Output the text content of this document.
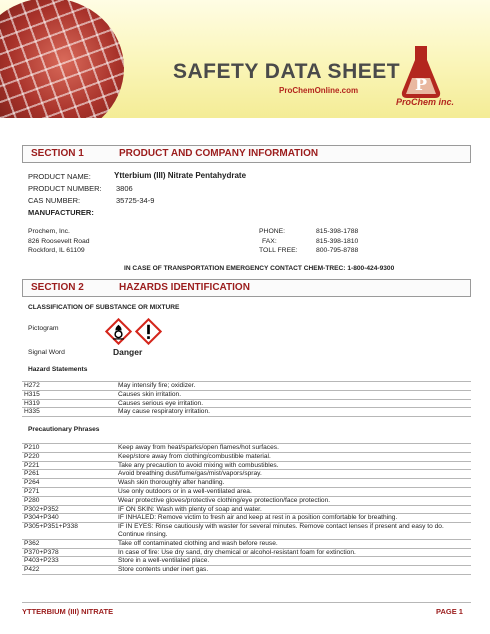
SAFETY DATA SHEET
ProChemOnline.com	P
ProChem inc.
SECTION 1	PRODUCT AND COMPANY INFORMATION
PRODUCT NAME:	Ytterbium (III) Nitrate Pentahydrate
PRODUCT NUMBER: 3806
CAS NUMBER:	35725-34-9
MANUFACTURER:
Prochem, Inc.
826 Roosevelt Road
Rockford, IL 61109
PHONE:	815-398-1788
FAX:	815-398-1810
TOLL FREE:	800-795-8788
IN CASE OF TRANSPORTATION EMERGENCY CONTACT CHEM-TREC: 1-800-424-9300
SECTION 2	HAZARDS IDENTIFICATION
CLASSIFICATION OF SUBSTANCE OR MIXTURE
Pictogram
Signal Word	Danger
Hazard Statements
H272	May intensify fire; oxidizer.
H315	Causes skin irritation.
H319	Causes serious eye irritation.
H335	May cause respiratory irritation.
Precautionary Phrases
P210	Keep away from heat/sparks/open flames/hot surfaces.
P220	Keep/store away from clothing/combustible material.
P221	Take any precaution to avoid mixing with combustibles.
P261	Avoid breathing dust/fume/gas/mist/vapors/spray.
P264	Wash skin thoroughly after handling.
P271	Use only outdoors or in a well-ventilated area.
P280	Wear protective gloves/protective clothing/eye protection/face protection.
P302+P352	IF ON SKIN: Wash with plenty of soap and water.
P304+P340	IF INHALED: Remove victim to fresh air and keep at rest in a position comfortable for breathing.
P305+P351+P338	IF IN EYES: Rinse cautiously with waster for several minutes. Remove contact lenses if present and easy to do. Continue rinsing.
P362	Take off contaminated clothing and wash before reuse.
P370+P378	In case of fire: Use dry sand, dry chemical or alcohol-resistant foam for extinction.
P403+P233	Store in a well-ventilated place.
P422	Store contents under inert gas.
YTTERBIUM (III) NITRATE	PAGE 1
